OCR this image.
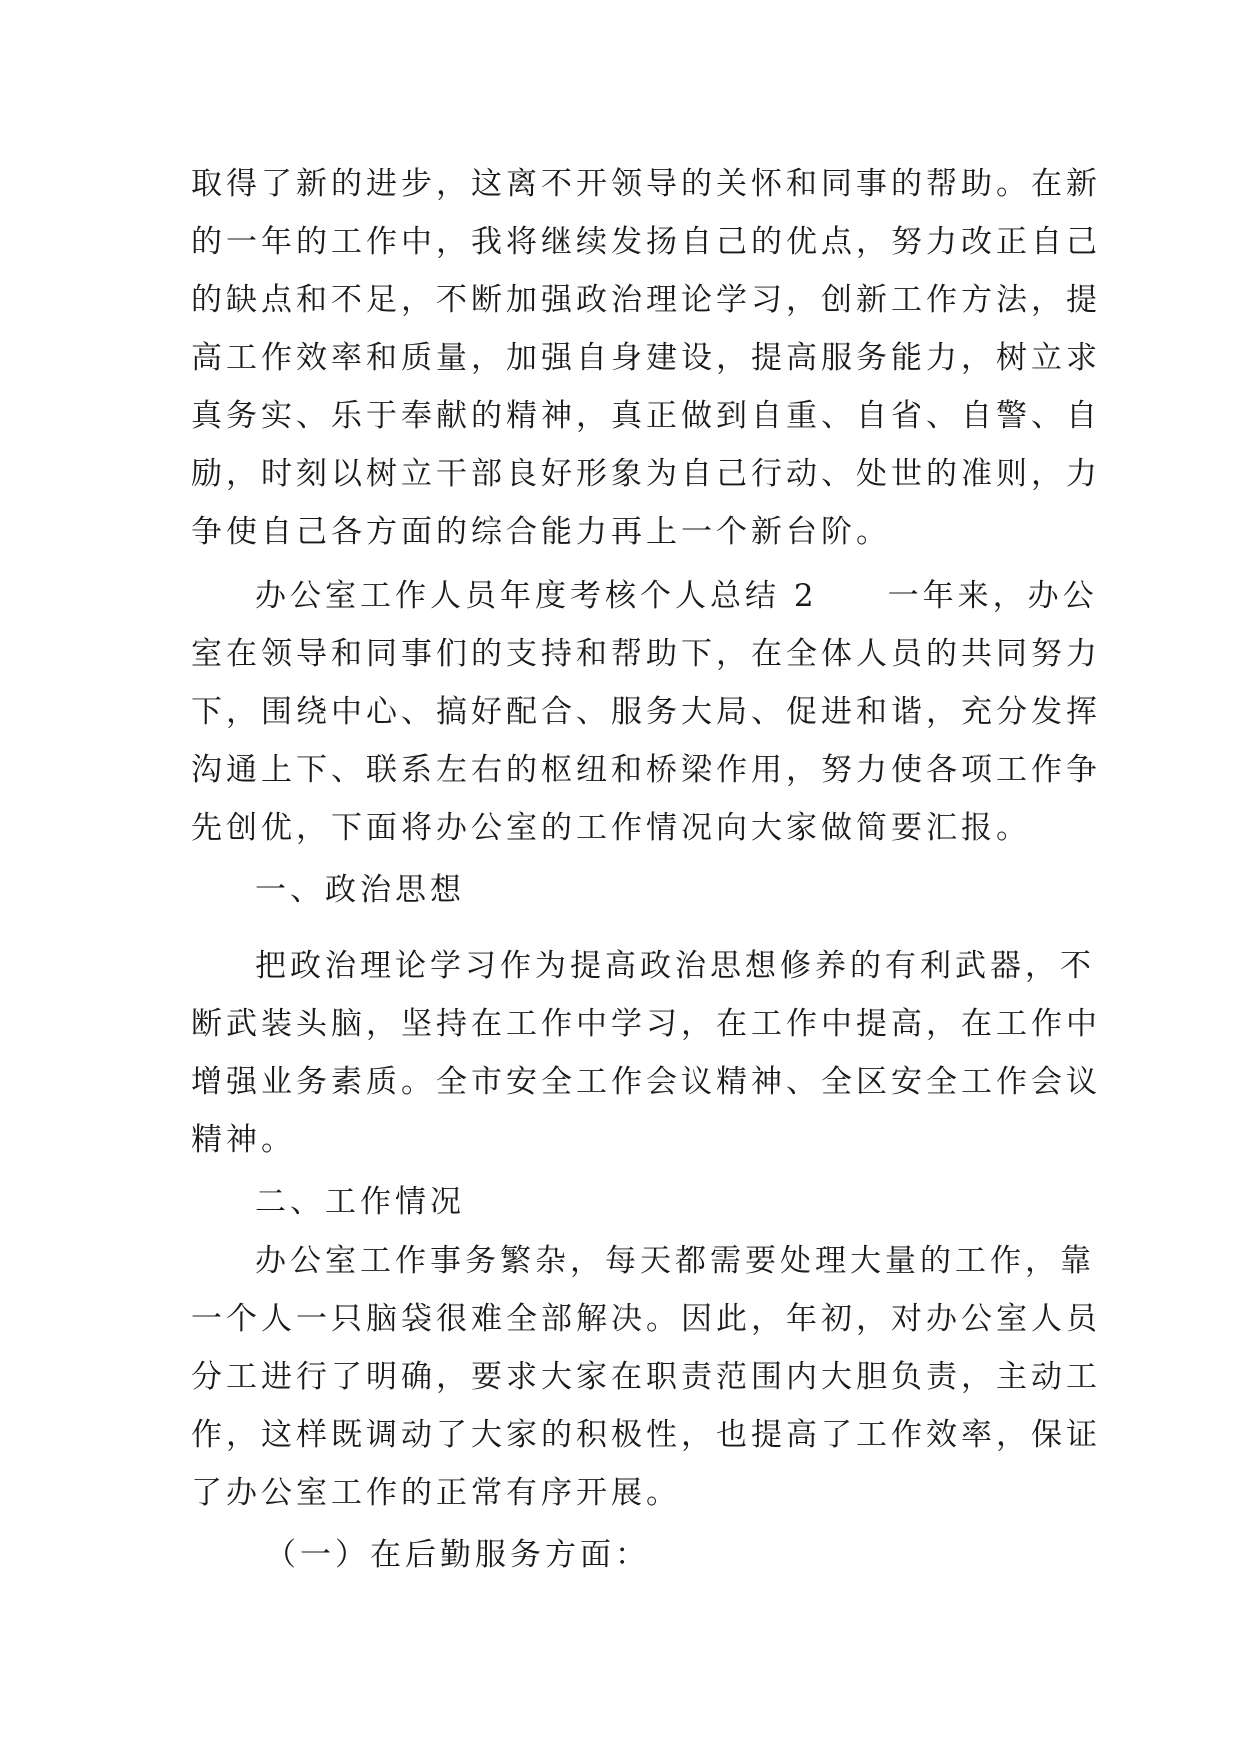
取得了新的进步，这离不开领导的关怀和同事的帮助。在新
的一年的工作中，我将继续发扬自己的优点，努力改正自己
的缺点和不足，不断加强政治理论学习，创新工作方法，提
高工作效率和质量，加强自身建设，提高服务能力，树立求
真务实、乐于奉献的精神，真正做到自重、自省、自警、自
励，时刻以树立干部良好形象为自己行动、处世的准则，力
争使自己各方面的综合能力再上一个新台阶。
办公室工作人员年度考核个人总结 2　　一年来，办公
室在领导和同事们的支持和帮助下，在全体人员的共同努力
下，围绕中心、搞好配合、服务大局、促进和谐，充分发挥
沟通上下、联系左右的枢纽和桥梁作用，努力使各项工作争
先创优，下面将办公室的工作情况向大家做简要汇报。
一、政治思想
把政治理论学习作为提高政治思想修养的有利武器，不
断武装头脑，坚持在工作中学习，在工作中提高，在工作中
增强业务素质。全市安全工作会议精神、全区安全工作会议
精神。
二、工作情况
办公室工作事务繁杂，每天都需要处理大量的工作，靠
一个人一只脑袋很难全部解决。因此，年初，对办公室人员
分工进行了明确，要求大家在职责范围内大胆负责，主动工
作，这样既调动了大家的积极性，也提高了工作效率，保证
了办公室工作的正常有序开展。
（一）在后勤服务方面：
